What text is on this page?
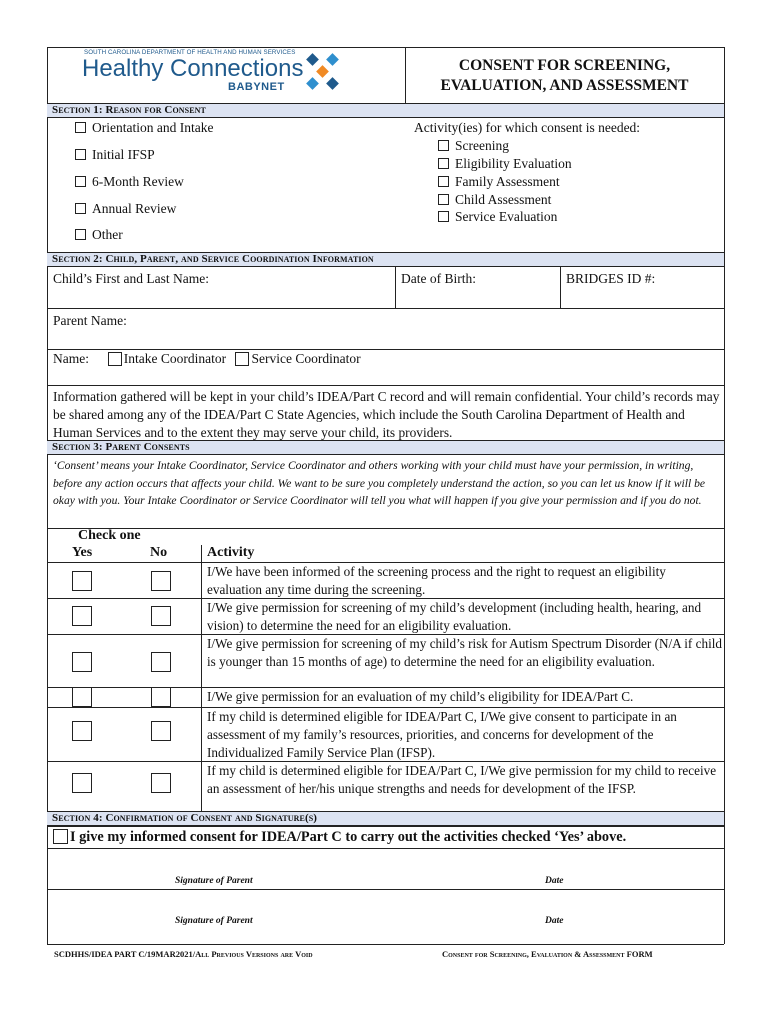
SOUTH CAROLINA DEPARTMENT OF HEALTH AND HUMAN SERVICES
Healthy Connections
BABYNET
CONSENT FOR SCREENING,
EVALUATION, AND ASSESSMENT
Section 1: Reason for Consent
Orientation and Intake
Initial IFSP
6-Month Review
Annual Review
Other
Activity(ies) for which consent is needed:
Screening
Eligibility Evaluation
Family Assessment
Child Assessment
Service Evaluation
Section 2: Child, Parent, and Service Coordination Information
Child’s First and Last Name:	Date of Birth:	BRIDGES ID #:
Parent Name:
Name:	Intake Coordinator Service Coordinator
Information gathered will be kept in your child’s IDEA/Part C record and will remain confidential. Your child’s records may be shared among any of the IDEA/Part C State Agencies, which include the South Carolina Department of Health and Human Services and to the extent they may serve your child, its providers.
Section 3: Parent Consents
‘Consent’ means your Intake Coordinator, Service Coordinator and others working with your child must have your permission, in writing, before any action occurs that affects your child. We want to be sure you completely understand the action, so you can let us know if it will be okay with you. Your Intake Coordinator or Service Coordinator will tell you what will happen if you give your permission and if you do not.
Check one
Yes	No	Activity
I/We have been informed of the screening process and the right to request an eligibility evaluation any time during the screening.
I/We give permission for screening of my child’s development (including health, hearing, and vision) to determine the need for an eligibility evaluation.
I/We give permission for screening of my child’s risk for Autism Spectrum Disorder (N/A if child is younger than 15 months of age) to determine the need for an eligibility evaluation.
I/We give permission for an evaluation of my child’s eligibility for IDEA/Part C.
If my child is determined eligible for IDEA/Part C, I/We give consent to participate in an assessment of my family’s resources, priorities, and concerns for development of the Individualized Family Service Plan (IFSP).
If my child is determined eligible for IDEA/Part C, I/We give permission for my child to receive an assessment of her/his unique strengths and needs for development of the IFSP.
Section 4: Confirmation of Consent and Signature(s)
I give my informed consent for IDEA/Part C to carry out the activities checked ‘Yes’ above.
Signature of Parent	Date
Signature of Parent	Date
SCDHHS/IDEA PART C/19MAR2021/All Previous Versions are Void	Consent for Screening, Evaluation & Assessment FORM
